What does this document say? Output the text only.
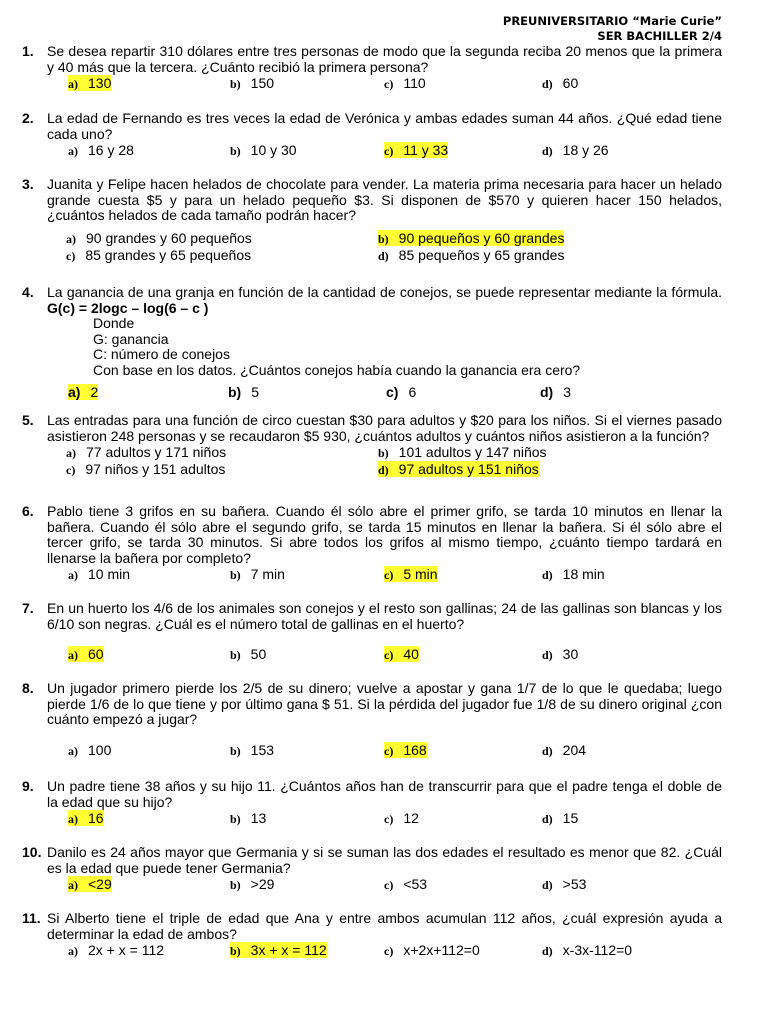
PREUNIVERSITARIO “Marie Curie”
SER BACHILLER 2/4
1. Se desea repartir 310 dólares entre tres personas de modo que la segunda reciba 20 menos que la primera y 40 más que la tercera. ¿Cuánto recibió la primera persona?
a) 130	b) 150	c) 110	d) 60
2. La edad de Fernando es tres veces la edad de Verónica y ambas edades suman 44 años. ¿Qué edad tiene cada uno?
a) 16 y 28	b) 10 y 30	c) 11 y 33	d) 18 y 26
3. Juanita y Felipe hacen helados de chocolate para vender. La materia prima necesaria para hacer un helado grande cuesta $5 y para un helado pequeño $3. Si disponen de $570 y quieren hacer 150 helados, ¿cuántos helados de cada tamaño podrán hacer?
a) 90 grandes y 60 pequeños	b) 90 pequeños y 60 grandes
c) 85 grandes y 65 pequeños	d) 85 pequeños y 65 grandes
4. La ganancia de una granja en función de la cantidad de conejos, se puede representar mediante la fórmula. G(c) = 2logc – log(6 – c )
Donde
G: ganancia
C: número de conejos
Con base en los datos. ¿Cuántos conejos había cuando la ganancia era cero?
a) 2	b) 5	c) 6	d) 3
5. Las entradas para una función de circo cuestan $30 para adultos y $20 para los niños. Si el viernes pasado asistieron 248 personas y se recaudaron $5 930, ¿cuántos adultos y cuántos niños asistieron a la función?
a) 77 adultos y 171 niños	b) 101 adultos y 147 niños
c) 97 niños y 151 adultos	d) 97 adultos y 151 niños
6. Pablo tiene 3 grifos en su bañera. Cuando él sólo abre el primer grifo, se tarda 10 minutos en llenar la bañera. Cuando él sólo abre el segundo grifo, se tarda 15 minutos en llenar la bañera. Si él sólo abre el tercer grifo, se tarda 30 minutos. Si abre todos los grifos al mismo tiempo, ¿cuánto tiempo tardará en llenarse la bañera por completo?
a) 10 min	b) 7 min	c) 5 min	d) 18 min
7. En un huerto los 4/6 de los animales son conejos y el resto son gallinas; 24 de las gallinas son blancas y los 6/10 son negras. ¿Cuál es el número total de gallinas en el huerto?
a) 60	b) 50	c) 40	d) 30
8. Un jugador primero pierde los 2/5 de su dinero; vuelve a apostar y gana 1/7 de lo que le quedaba; luego pierde 1/6 de lo que tiene y por último gana $ 51. Si la pérdida del jugador fue 1/8 de su dinero original ¿con cuánto empezó a jugar?
a) 100	b) 153	c) 168	d) 204
9. Un padre tiene 38 años y su hijo 11. ¿Cuántos años han de transcurrir para que el padre tenga el doble de la edad que su hijo?
a) 16	b) 13	c) 12	d) 15
10. Danilo es 24 años mayor que Germania y si se suman las dos edades el resultado es menor que 82. ¿Cuál es la edad que puede tener Germania?
a) <29	b) >29	c) <53	d) >53
11. Si Alberto tiene el triple de edad que Ana y entre ambos acumulan 112 años, ¿cuál expresión ayuda a determinar la edad de ambos?
a) 2x + x = 112	b) 3x + x = 112	c) x+2x+112=0	d) x-3x-112=0
